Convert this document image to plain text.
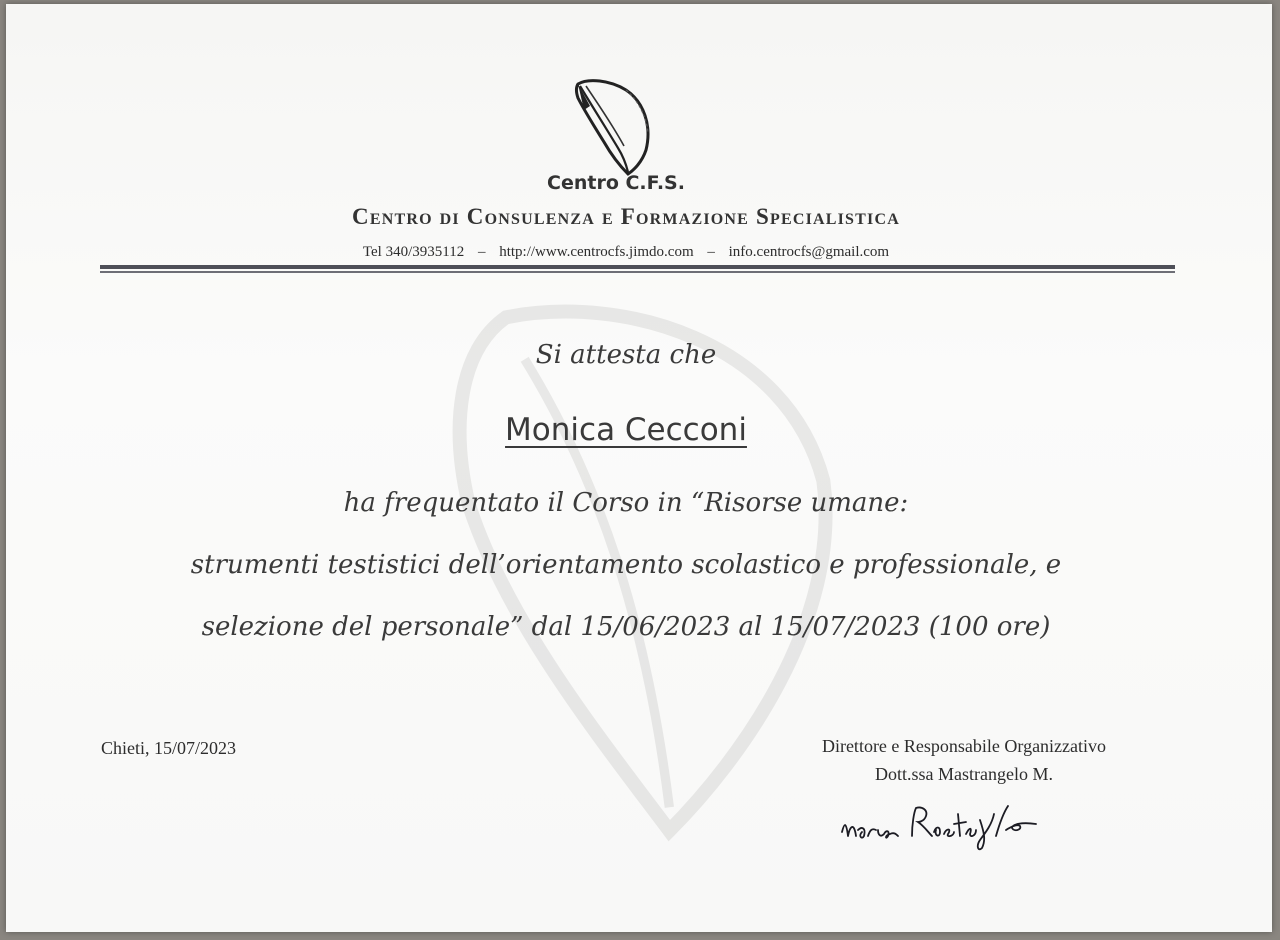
Centro C.F.S.
Centro di Consulenza e Formazione Specialistica
Tel 340/3935112 – http://www.centrocfs.jimdo.com – info.centrocfs@gmail.com
Si attesta che
Monica Cecconi
ha frequentato il Corso in “Risorse umane:
strumenti testistici dell’orientamento scolastico e professionale, e
selezione del personale” dal 15/06/2023 al 15/07/2023 (100 ore)
Chieti, 15/07/2023	Direttore e Responsabile Organizzativo
Dott.ssa Mastrangelo M.
